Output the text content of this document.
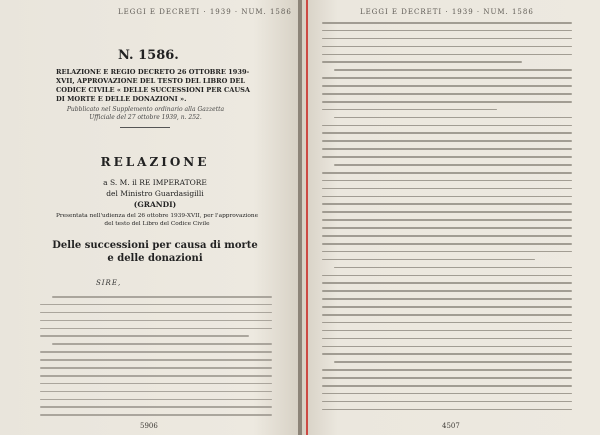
LEGGI E DECRETI · 1939 · NUM. 1586
N. 1586.
RELAZIONE E REGIO DECRETO 26 OTTOBRE 1939-XVII, APPROVAZIONE DEL TESTO DEL LIBRO DEL CODICE CIVILE « DELLE SUCCESSIONI PER CAUSA DI MORTE E DELLE DONAZIONI ».
Pubblicato nel Supplemento ordinario alla Gazzetta Ufficiale del 27 ottobre 1939, n. 252.
RELAZIONE
a S. M. il RE IMPERATORE
del Ministro Guardasigilli
(GRANDI)
Presentata nell'udienza del 26 ottobre 1939-XVII, per l'approvazione del testo del Libro del Codice Civile
Delle successioni per causa di morte
e delle donazioni
SIRE,
5906
LEGGI E DECRETI · 1939 · NUM. 1586
4507
